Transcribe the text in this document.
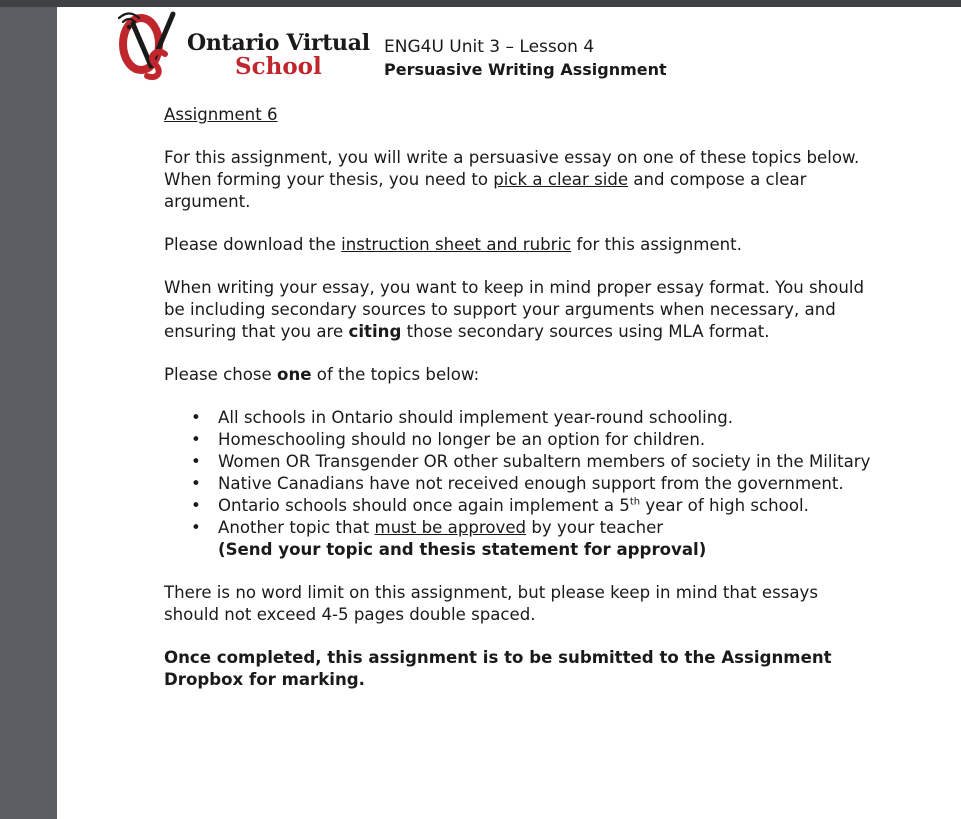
Ontario Virtual
School
ENG4U Unit 3 – Lesson 4
Persuasive Writing Assignment

Assignment 6

For this assignment, you will write a persuasive essay on one of these topics below. When forming your thesis, you need to pick a clear side and compose a clear argument.

Please download the instruction sheet and rubric for this assignment.

When writing your essay, you want to keep in mind proper essay format. You should be including secondary sources to support your arguments when necessary, and ensuring that you are citing those secondary sources using MLA format.

Please chose one of the topics below:

• All schools in Ontario should implement year-round schooling.
• Homeschooling should no longer be an option for children.
• Women OR Transgender OR other subaltern members of society in the Military
• Native Canadians have not received enough support from the government.
• Ontario schools should once again implement a 5th year of high school.
• Another topic that must be approved by your teacher
(Send your topic and thesis statement for approval)

There is no word limit on this assignment, but please keep in mind that essays should not exceed 4-5 pages double spaced.

Once completed, this assignment is to be submitted to the Assignment Dropbox for marking.
